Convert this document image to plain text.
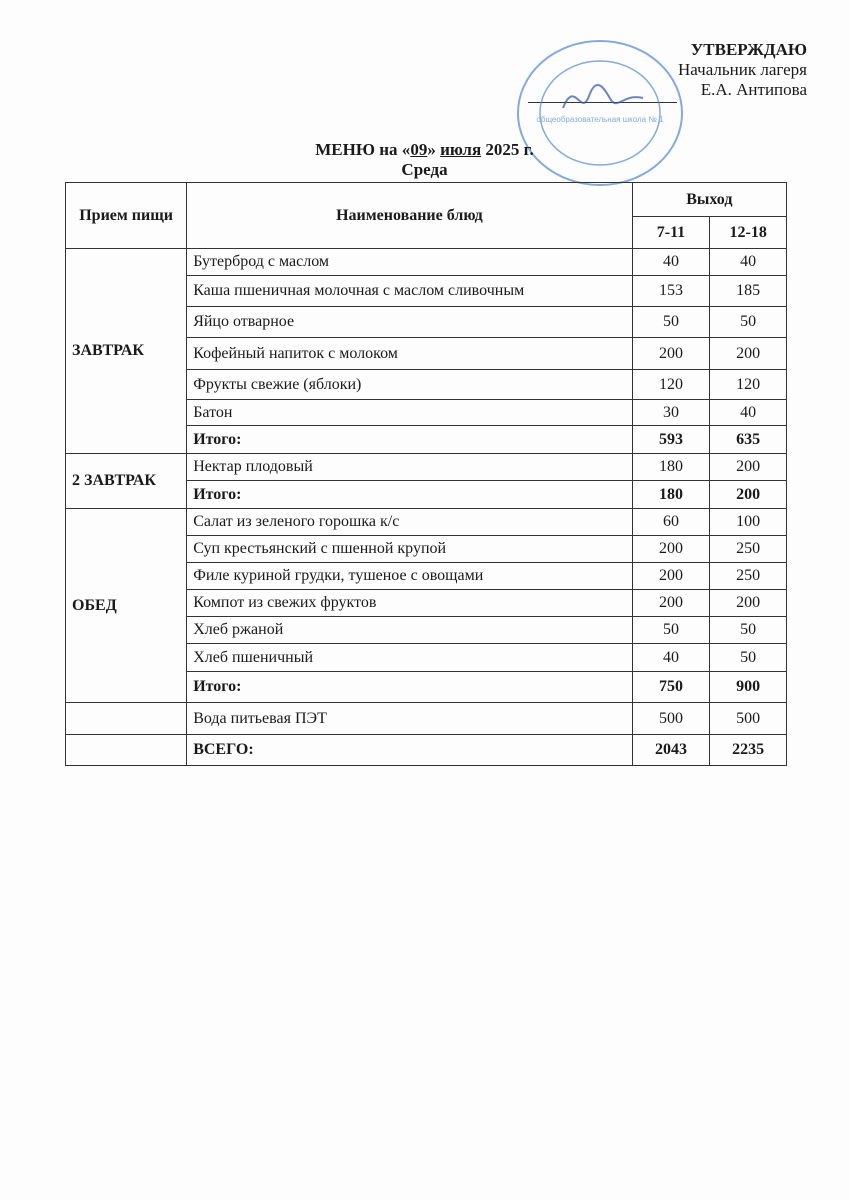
УТВЕРЖДАЮ
Начальник лагеря
Е.А. Антипова
общеобразовательная школа № 1
МЕНЮ на «09» июля 2025 г.
Среда
Прием пищи	Наименование блюд	Выход	
		7-11	12-18
ЗАВТРАК	Бутерброд с маслом	40	40
	Каша пшеничная молочная с маслом сливочным	153	185
	Яйцо отварное	50	50
	Кофейный напиток с молоком	200	200
	Фрукты свежие (яблоки)	120	120
	Батон	30	40
	Итого:	593	635
2 ЗАВТРАК	Нектар плодовый	180	200
	Итого:	180	200
ОБЕД	Салат из зеленого горошка к/с	60	100
	Суп крестьянский с пшенной крупой	200	250
	Филе куриной грудки, тушеное с овощами	200	250
	Компот из свежих фруктов	200	200
	Хлеб ржаной	50	50
	Хлеб пшеничный	40	50
	Итого:	750	900
	Вода питьевая ПЭТ	500	500
	ВСЕГО:	2043	2235
